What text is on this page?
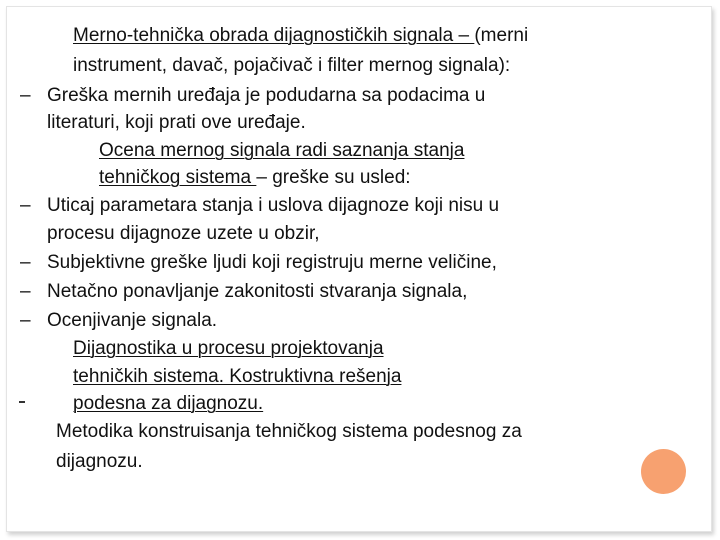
Merno-tehnička obrada dijagnostičkih signala – (merni
instrument, davač, pojačivač i filter mernog signala):
– Greška mernih uređaja je podudarna sa podacima u
literaturi, koji prati ove uređaje.
Ocena mernog signala radi saznanja stanja
tehničkog sistema – greške su usled:
– Uticaj parametara stanja i uslova dijagnoze koji nisu u
procesu dijagnoze uzete u obzir,
– Subjektivne greške ljudi koji registruju merne veličine,
– Netačno ponavljanje zakonitosti stvaranja signala,
– Ocenjivanje signala.
Dijagnostika u procesu projektovanja
tehničkih sistema. Kostruktivna rešenja
podesna za dijagnozu.
Metodika konstruisanja tehničkog sistema podesnog za
dijagnozu.
